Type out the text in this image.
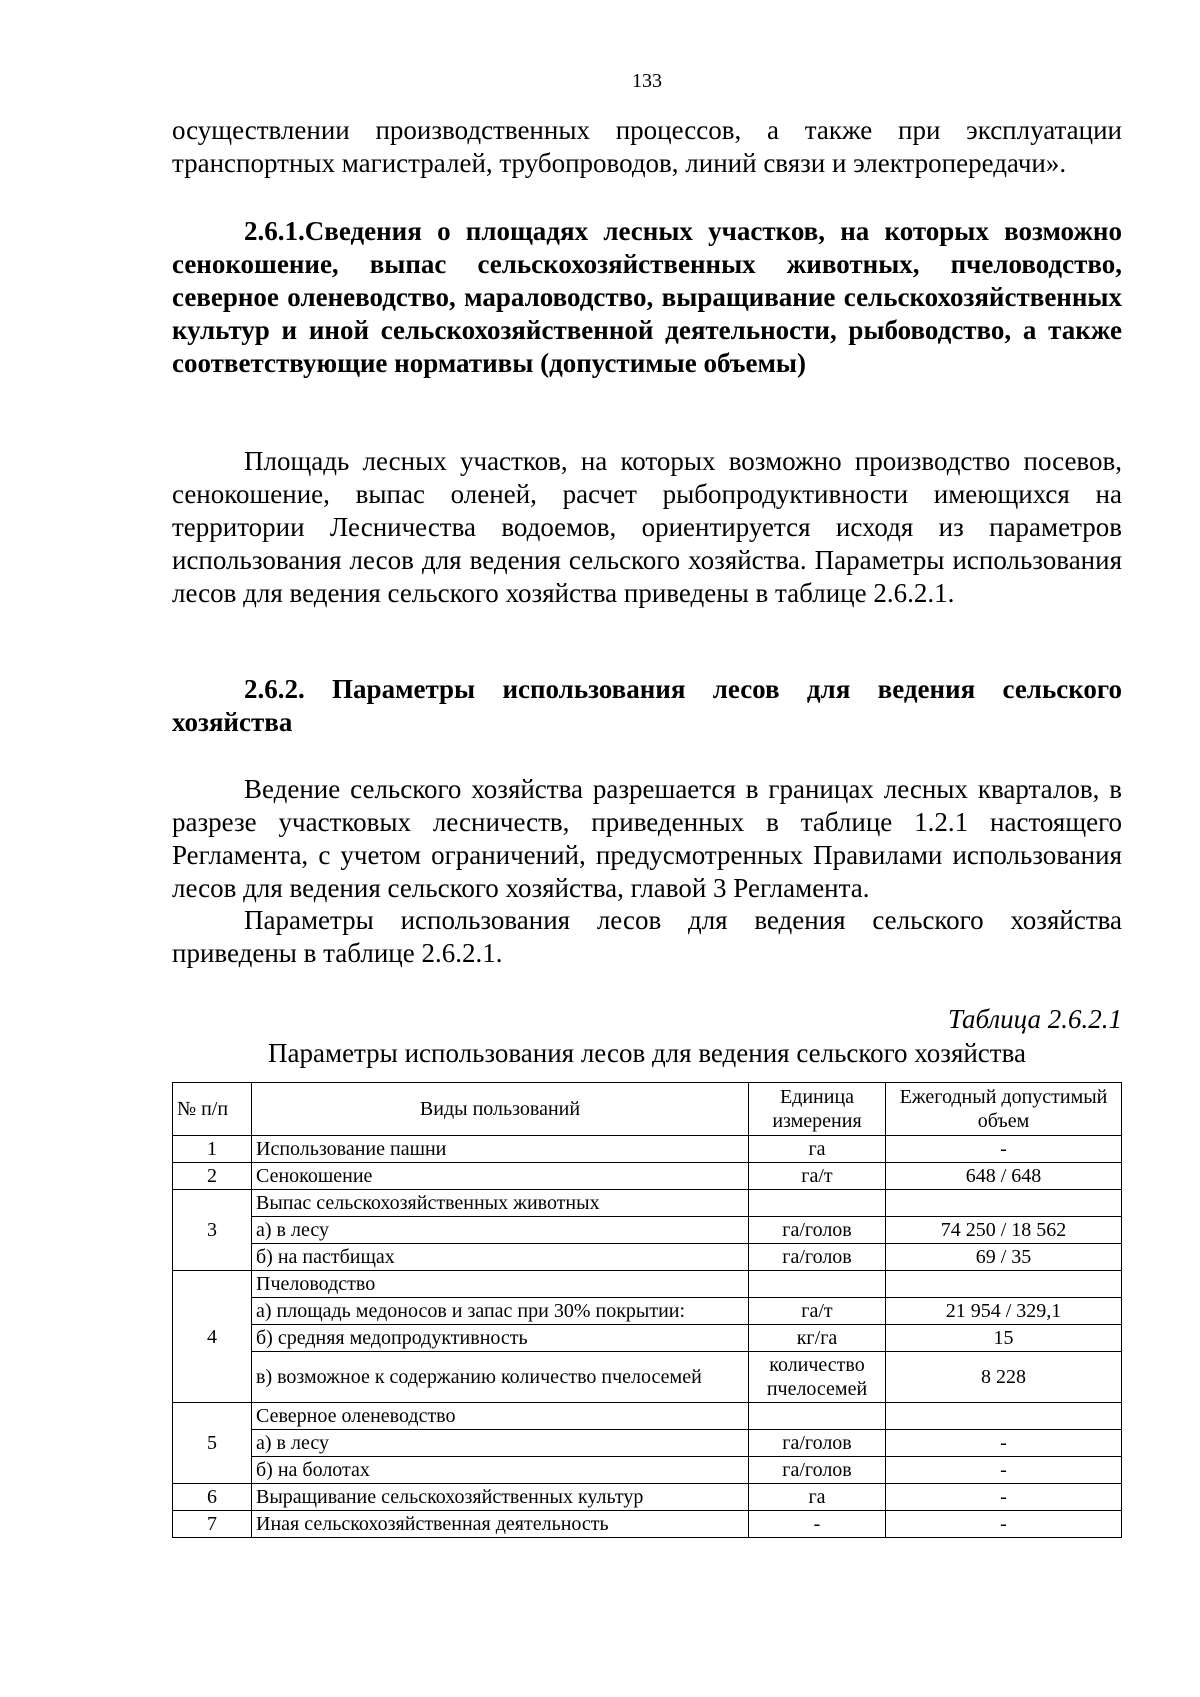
133

осуществлении производственных процессов, а также при эксплуатации транспортных магистралей, трубопроводов, линий связи и электропередачи».

2.6.1.Сведения о площадях лесных участков, на которых возможно сенокошение, выпас сельскохозяйственных животных, пчеловодство, северное оленеводство, мараловодство, выращивание сельскохозяйственных культур и иной сельскохозяйственной деятельности, рыбоводство, а также соответствующие нормативы (допустимые объемы)

Площадь лесных участков, на которых возможно производство посевов, сенокошение, выпас оленей, расчет рыбопродуктивности имеющихся на территории Лесничества водоемов, ориентируется исходя из параметров использования лесов для ведения сельского хозяйства. Параметры использования лесов для ведения сельского хозяйства приведены в таблице 2.6.2.1.

2.6.2. Параметры использования лесов для ведения сельского хозяйства

Ведение сельского хозяйства разрешается в границах лесных кварталов, в разрезе участковых лесничеств, приведенных в таблице 1.2.1 настоящего Регламента, с учетом ограничений, предусмотренных Правилами использования лесов для ведения сельского хозяйства, главой 3 Регламента.

Параметры использования лесов для ведения сельского хозяйства приведены в таблице 2.6.2.1.

Таблица 2.6.2.1
Параметры использования лесов для ведения сельского хозяйства
№ п/п	Виды пользований	Единица измерения	Ежегодный допустимый объем
1	Использование пашни	га	-
2	Сенокошение	га/т	648 / 648
3	Выпас сельскохозяйственных животных		
	а) в лесу	га/голов	74 250 / 18 562
	б) на пастбищах	га/голов	69 / 35
4	Пчеловодство		
	а) площадь медоносов и запас при 30% покрытии:	га/т	21 954 / 329,1
	б) средняя медопродуктивность	кг/га	15
	в) возможное к содержанию количество пчелосемей	количество пчелосемей	8 228
5	Северное оленеводство		
	а) в лесу	га/голов	-
	б) на болотах	га/голов	-
6	Выращивание сельскохозяйственных культур	га	-
7	Иная сельскохозяйственная деятельность	-	-
